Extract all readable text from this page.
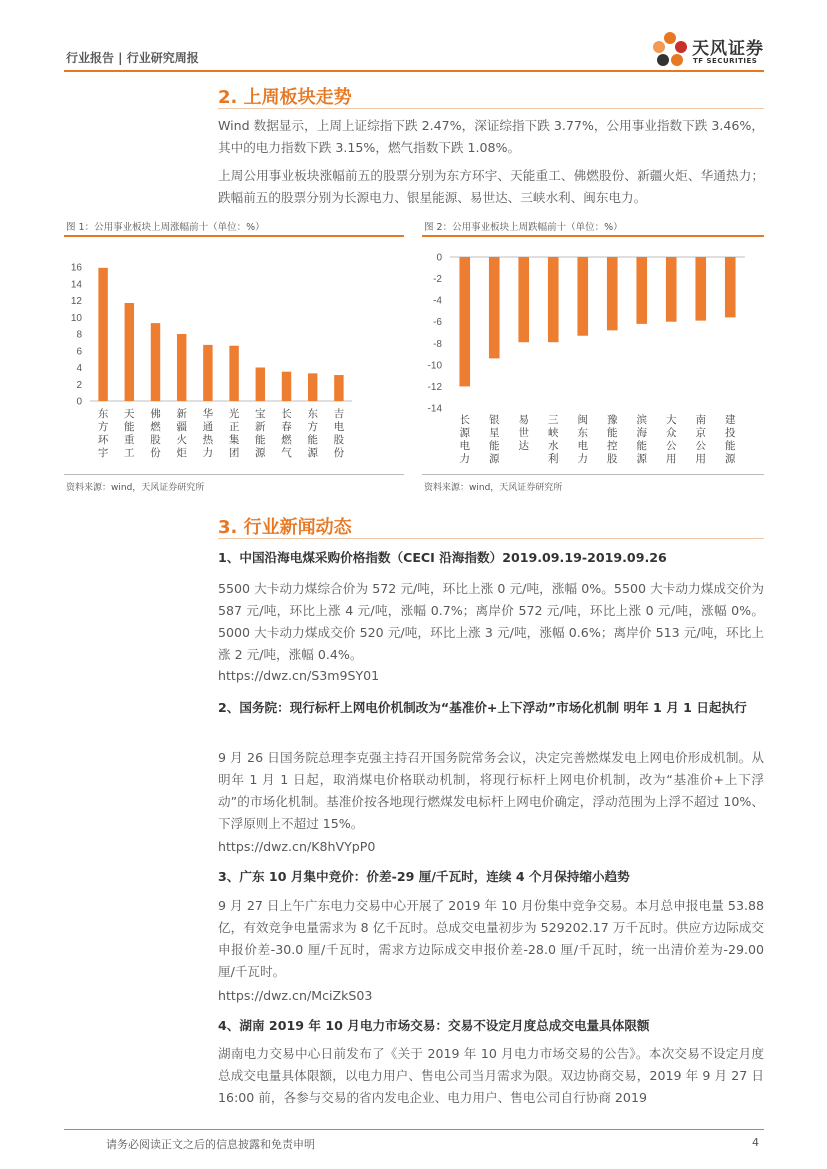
行业报告 | 行业研究周报	天风证券
TF SECURITIES
2. 上周板块走势
Wind 数据显示，上周上证综指下跌 2.47%，深证综指下跌 3.77%，公用事业指数下跌 3.46%，其中的电力指数下跌 3.15%，燃气指数下跌 1.08%。
上周公用事业板块涨幅前五的股票分别为东方环宇、天能重工、佛燃股份、新疆火炬、华通热力；跌幅前五的股票分别为长源电力、银星能源、易世达、三峡水利、闽东电力。
图 1：公用事业板块上周涨幅前十（单位：%）
0
2
4
6
8
10
12
14
16
东方环宇
天能重工
佛燃股份
新疆火炬
华通热力
光正集团
宝新能源
长春燃气
东方能源
吉电股份
资料来源：wind，天风证券研究所
图 2：公用事业板块上周跌幅前十（单位：%）
0
-2
-4
-6
-8
-10
-12
-14
长源电力
银星能源
易世达
三峡水利
闽东电力
豫能控股
滨海能源
大众公用
南京公用
建投能源
资料来源：wind，天风证券研究所
3. 行业新闻动态
1、中国沿海电煤采购价格指数（CECI 沿海指数）2019.09.19-2019.09.26
5500 大卡动力煤综合价为 572 元/吨，环比上涨 0 元/吨，涨幅 0%。5500 大卡动力煤成交价为 587 元/吨，环比上涨 4 元/吨，涨幅 0.7%；离岸价 572 元/吨，环比上涨 0 元/吨，涨幅 0%。5000 大卡动力煤成交价 520 元/吨，环比上涨 3 元/吨，涨幅 0.6%；离岸价 513 元/吨，环比上涨 2 元/吨，涨幅 0.4%。
https://dwz.cn/S3m9SY01
2、国务院：现行标杆上网电价机制改为“基准价+上下浮动”市场化机制 明年 1 月 1 日起执行
9 月 26 日国务院总理李克强主持召开国务院常务会议，决定完善燃煤发电上网电价形成机制。从明年 1 月 1 日起，取消煤电价格联动机制，将现行标杆上网电价机制，改为“基准价+上下浮动”的市场化机制。基准价按各地现行燃煤发电标杆上网电价确定，浮动范围为上浮不超过 10%、下浮原则上不超过 15%。
https://dwz.cn/K8hVYpP0
3、广东 10 月集中竞价：价差-29 厘/千瓦时，连续 4 个月保持缩小趋势
9 月 27 日上午广东电力交易中心开展了 2019 年 10 月份集中竞争交易。本月总申报电量 53.88 亿，有效竞争电量需求为 8 亿千瓦时。总成交电量初步为 529202.17 万千瓦时。供应方边际成交申报价差-30.0 厘/千瓦时，需求方边际成交申报价差-28.0 厘/千瓦时，统一出清价差为-29.00 厘/千瓦时。
https://dwz.cn/MciZkS03
4、湖南 2019 年 10 月电力市场交易：交易不设定月度总成交电量具体限额
湖南电力交易中心日前发布了《关于 2019 年 10 月电力市场交易的公告》。本次交易不设定月度总成交电量具体限额，以电力用户、售电公司当月需求为限。双边协商交易，2019 年 9 月 27 日 16:00 前，各参与交易的省内发电企业、电力用户、售电公司自行协商 2019
请务必阅读正文之后的信息披露和免责申明	4
